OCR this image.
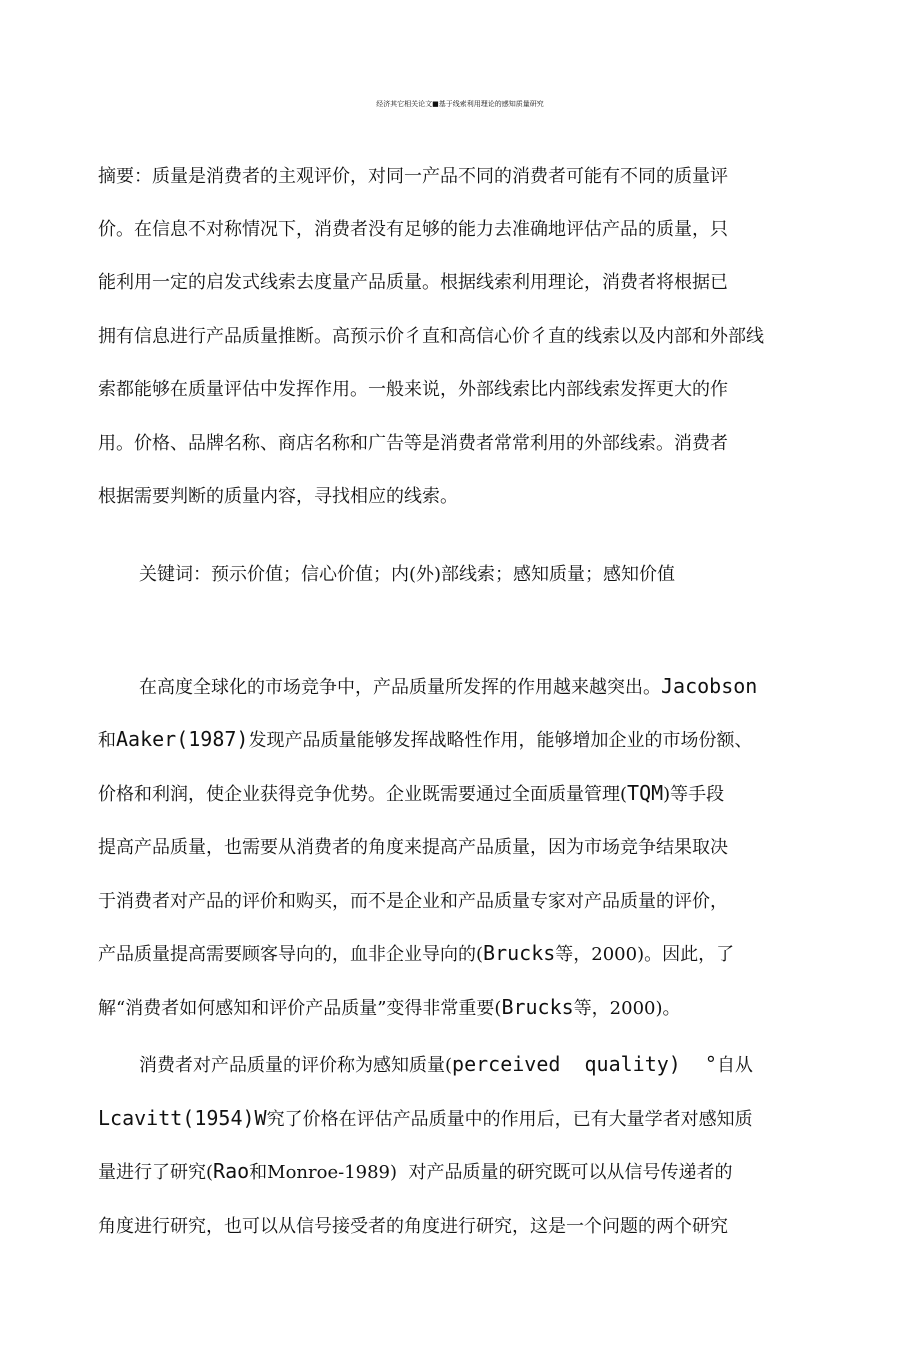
经济其它相关论文■基于线索利用理论的感知质量研究
摘要：质量是消费者的主观评价，对同一产品不同的消费者可能有不同的质量评
价。在信息不对称情况下，消费者没有足够的能力去准确地评估产品的质量，只
能利用一定的启发式线索去度量产品质量。根据线索利用理论，消费者将根据已
拥有信息进行产品质量推断。高预示价彳直和高信心价彳直的线索以及内部和外部线
索都能够在质量评估中发挥作用。一般来说，外部线索比内部线索发挥更大的作
用。价格、品牌名称、商店名称和广告等是消费者常常利用的外部线索。消费者
根据需要判断的质量内容，寻找相应的线索。
关键词：预示价值；信心价值；内(外)部线索；感知质量；感知价值
在高度全球化的市场竞争中，产品质量所发挥的作用越来越突出。Jacobson
和Aaker(1987)发现产品质量能够发挥战略性作用，能够增加企业的市场份额、
价格和利润，使企业获得竞争优势。企业既需要通过全面质量管理(TQM)等手段
提高产品质量，也需要从消费者的角度来提高产品质量，因为市场竞争结果取决
于消费者对产品的评价和购买，而不是企业和产品质量专家对产品质量的评价，
产品质量提高需要顾客导向的，血非企业导向的(Brucks等，2000)。因此，了
解“消费者如何感知和评价产品质量”变得非常重要(Brucks等，2000)。
消费者对产品质量的评价称为感知质量(perceived  quality)  °自从
Lcavitt(1954)W究了价格在评估产品质量中的作用后，已有大量学者对感知质
量进行了研究(Rao和Monroe-1989)  对产品质量的研究既可以从信号传递者的
角度进行研究，也可以从信号接受者的角度进行研究，这是一个问题的两个研究
